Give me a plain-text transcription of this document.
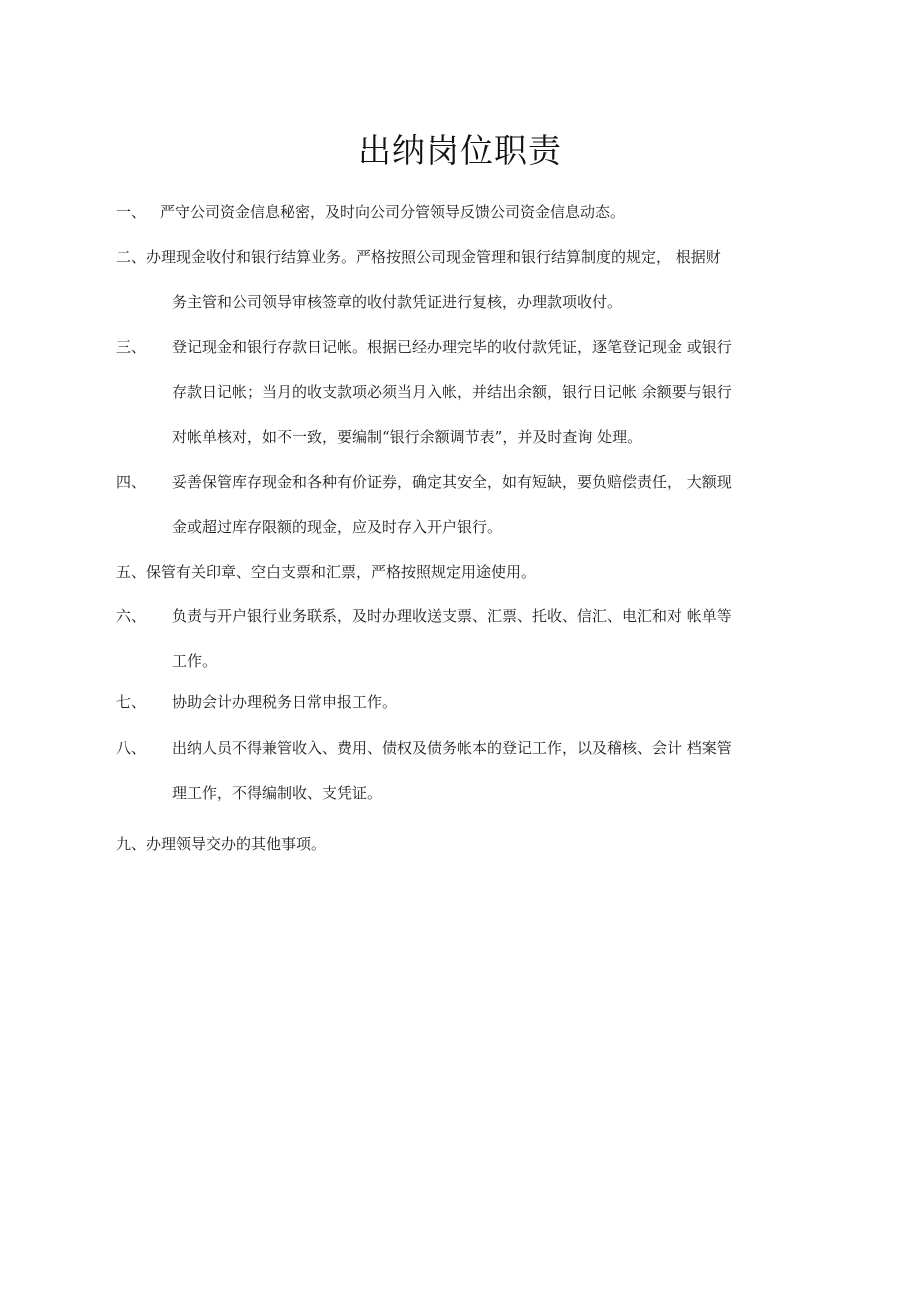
出纳岗位职责
一、 严守公司资金信息秘密，及时向公司分管领导反馈公司资金信息动态。
二、办理现金收付和银行结算业务。严格按照公司现金管理和银行结算制度的规定， 根据财
务主管和公司领导审核签章的收付款凭证进行复核，办理款项收付。
三、 登记现金和银行存款日记帐。根据已经办理完毕的收付款凭证，逐笔登记现金 或银行
存款日记帐；当月的收支款项必须当月入帐，并结出余额，银行日记帐 余额要与银行
对帐单核对，如不一致，要编制“银行余额调节表”，并及时查询 处理。
四、 妥善保管库存现金和各种有价证券，确定其安全，如有短缺，要负赔偿责任， 大额现
金或超过库存限额的现金，应及时存入开户银行。
五、保管有关印章、空白支票和汇票，严格按照规定用途使用。
六、 负责与开户银行业务联系，及时办理收送支票、汇票、托收、信汇、电汇和对 帐单等
工作。
七、 协助会计办理税务日常申报工作。
八、 出纳人员不得兼管收入、费用、债权及债务帐本的登记工作，以及稽核、会计 档案管
理工作，不得编制收、支凭证。
九、办理领导交办的其他事项。
